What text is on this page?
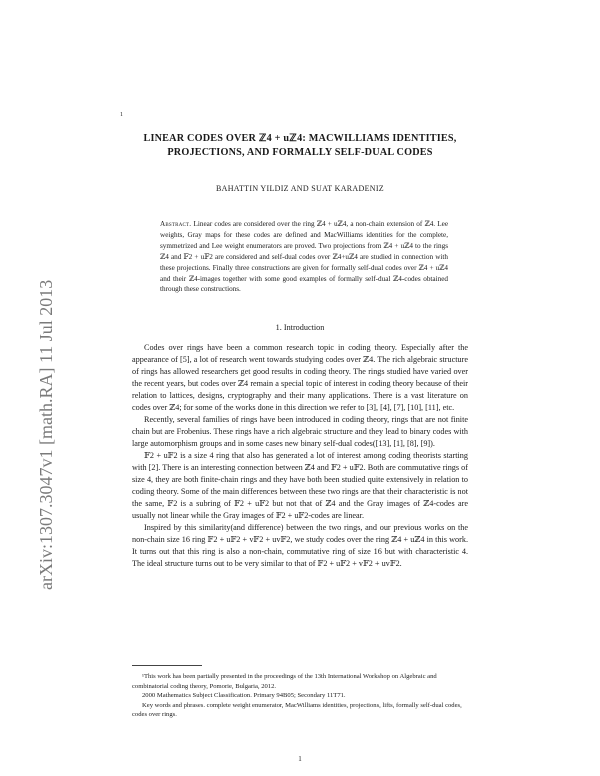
arXiv:1307.3047v1 [math.RA] 11 Jul 2013
1
LINEAR CODES OVER ℤ4 + uℤ4: MACWILLIAMS IDENTITIES,
PROJECTIONS, AND FORMALLY SELF-DUAL CODES
BAHATTIN YILDIZ AND SUAT KARADENIZ
Abstract. Linear codes are considered over the ring ℤ4 + uℤ4, a non-chain extension of ℤ4. Lee weights, Gray maps for these codes are defined and MacWilliams identities for the complete, symmetrized and Lee weight enumerators are proved. Two projections from ℤ4 + uℤ4 to the rings ℤ4 and 𝔽2 + u𝔽2 are considered and self-dual codes over ℤ4+uℤ4 are studied in connection with these projections. Finally three constructions are given for formally self-dual codes over ℤ4 + uℤ4 and their ℤ4-images together with some good examples of formally self-dual ℤ4-codes obtained through these constructions.
1. Introduction

Codes over rings have been a common research topic in coding theory. Especially after the appearance of [5], a lot of research went towards studying codes over ℤ4. The rich algebraic structure of rings has allowed researchers get good results in coding theory. The rings studied have varied over the recent years, but codes over ℤ4 remain a special topic of interest in coding theory because of their relation to lattices, designs, cryptography and their many applications. There is a vast literature on codes over ℤ4; for some of the works done in this direction we refer to [3], [4], [7], [10], [11], etc.

Recently, several families of rings have been introduced in coding theory, rings that are not finite chain but are Frobenius. These rings have a rich algebraic structure and they lead to binary codes with large automorphism groups and in some cases new binary self-dual codes([13], [1], [8], [9]).

𝔽2 + u𝔽2 is a size 4 ring that also has generated a lot of interest among coding theorists starting with [2]. There is an interesting connection between ℤ4 and 𝔽2 + u𝔽2. Both are commutative rings of size 4, they are both finite-chain rings and they have both been studied quite extensively in relation to coding theory. Some of the main differences between these two rings are that their characteristic is not the same, 𝔽2 is a subring of 𝔽2 + u𝔽2 but not that of ℤ4 and the Gray images of ℤ4-codes are usually not linear while the Gray images of 𝔽2 + u𝔽2-codes are linear.

Inspired by this similarity(and difference) between the two rings, and our previous works on the non-chain size 16 ring 𝔽2 + u𝔽2 + v𝔽2 + uv𝔽2, we study codes over the ring ℤ4 + uℤ4 in this work. It turns out that this ring is also a non-chain, commutative ring of size 16 but with characteristic 4. The ideal structure turns out to be very similar to that of 𝔽2 + u𝔽2 + v𝔽2 + uv𝔽2.

¹This work has been partially presented in the proceedings of the 13th International Workshop on Algebraic and combinatorial coding theory, Pomorie, Bulgaria, 2012.

2000 Mathematics Subject Classification. Primary 94B05; Secondary 11T71.

Key words and phrases. complete weight enumerator, MacWilliams identities, projections, lifts, formally self-dual codes, codes over rings.

1
